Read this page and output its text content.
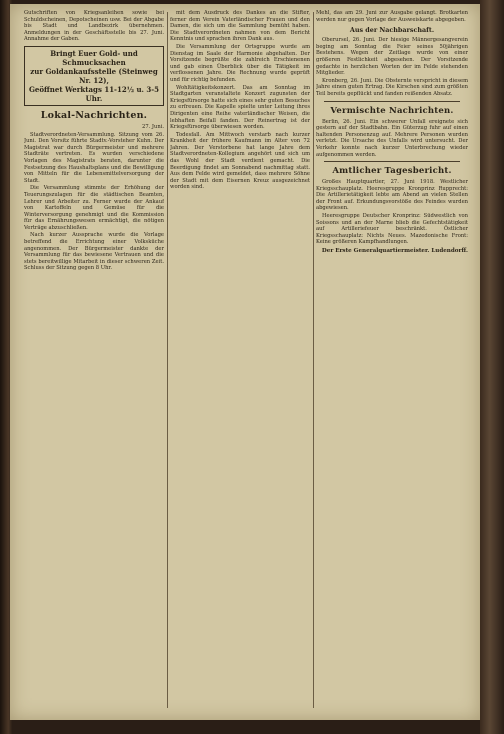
Gutschriften von Kriegsanleihen sowie bei Schuldscheinen, Depotscheinen usw. Bei der Abgabe bis Stadt und Landbezirk übernehmen. Anmeldungen in der Geschäftsstelle bis 27. Juni. Annahme der Gaben.

Bringt Euer Gold- und Schmucksachen
zur Goldankaufsstelle (Steinweg Nr. 12),
Geöffnet Werktags 11-12½ u. 3-5 Uhr.
Lokal-Nachrichten.

27. Juni.

Stadtverordneten-Versammlung. Sitzung vom 26. Juni. Den Vorsitz führte Stadtv.-Vorsteher Kuhn. Der Magistrat war durch Bürgermeister und mehrere Stadträte vertreten. Es wurden verschiedene Vorlagen des Magistrats beraten, darunter die Festsetzung des Haushaltsplans und die Bewilligung von Mitteln für die Lebensmittelversorgung der Stadt.

Die Versammlung stimmte der Erhöhung der Teuerungszulagen für die städtischen Beamten, Lehrer und Arbeiter zu. Ferner wurde der Ankauf von Kartoffeln und Gemüse für die Winterversorgung genehmigt und die Kommission für das Ernährungswesen ermächtigt, die nötigen Verträge abzuschließen.

Nach kurzer Aussprache wurde die Vorlage betreffend die Errichtung einer Volksküche angenommen. Der Bürgermeister dankte der Versammlung für das bewiesene Vertrauen und die stets bereitwillige Mitarbeit in dieser schweren Zeit. Schluss der Sitzung gegen 8 Uhr.

mit dem Ausdruck des Dankes an die Stifter, ferner dem Verein Vaterländischer Frauen und den Damen, die sich um die Sammlung bemüht haben. Die Stadtverordneten nahmen von dem Bericht Kenntnis und sprachen ihren Dank aus.

Die Versammlung der Ortsgruppe wurde am Dienstag im Saale der Harmonie abgehalten. Der Vorsitzende begrüßte die zahlreich Erschienenen und gab einen Überblick über die Tätigkeit im verflossenen Jahre. Die Rechnung wurde geprüft und für richtig befunden.

Wohltätigkeitskonzert. Das am Sonntag im Stadtgarten veranstaltete Konzert zugunsten der Kriegsfürsorge hatte sich eines sehr guten Besuches zu erfreuen. Die Kapelle spielte unter Leitung ihres Dirigenten eine Reihe vaterländischer Weisen, die lebhaften Beifall fanden. Der Reinertrag ist der Kriegsfürsorge überwiesen worden.

Todesfall. Am Mittwoch verstarb nach kurzer Krankheit der frühere Kaufmann im Alter von 72 Jahren. Der Verstorbene hat lange Jahre dem Stadtverordneten-Kollegium angehört und sich um das Wohl der Stadt verdient gemacht. Die Beerdigung findet am Sonnabend nachmittag statt. Aus dem Felde wird gemeldet, dass mehrere Söhne der Stadt mit dem Eisernen Kreuz ausgezeichnet worden sind.

Mehl, das am 29. Juni zur Ausgabe gelangt. Brotkarten werden nur gegen Vorlage der Ausweiskarte abgegeben.

Aus der Nachbarschaft.

Oberursel, 26. Juni. Der hiesige Männergesangverein beging am Sonntag die Feier seines 50jährigen Bestehens. Wegen der Zeitlage wurde von einer größeren Festlichkeit abgesehen. Der Vorsitzende gedachte in herzlichen Worten der im Felde stehenden Mitglieder.

Kronberg, 26. Juni. Die Obsternte verspricht in diesem Jahre einen guten Ertrag. Die Kirschen sind zum größten Teil bereits gepflückt und fanden reißenden Absatz.

Vermischte Nachrichten.

Berlin, 26. Juni. Ein schwerer Unfall ereignete sich gestern auf der Stadtbahn. Ein Güterzug fuhr auf einen haltenden Personenzug auf. Mehrere Personen wurden verletzt. Die Ursache des Unfalls wird untersucht. Der Verkehr konnte nach kurzer Unterbrechung wieder aufgenommen werden.

Amtlicher Tagesbericht.

Großes Hauptquartier, 27. Juni 1918. Westlicher Kriegsschauplatz. Heeresgruppe Kronprinz Rupprecht: Die Artillerietätigkeit lebte am Abend an vielen Stellen der Front auf. Erkundungsvorstöße des Feindes wurden abgewiesen.

Heeresgruppe Deutscher Kronprinz: Südwestlich von Soissons und an der Marne blieb die Gefechtstätigkeit auf Artilleriefeuer beschränkt. Östlicher Kriegsschauplatz: Nichts Neues. Mazedonische Front: Keine größeren Kampfhandlungen.

Der Erste Generalquartiermeister. Ludendorff.
